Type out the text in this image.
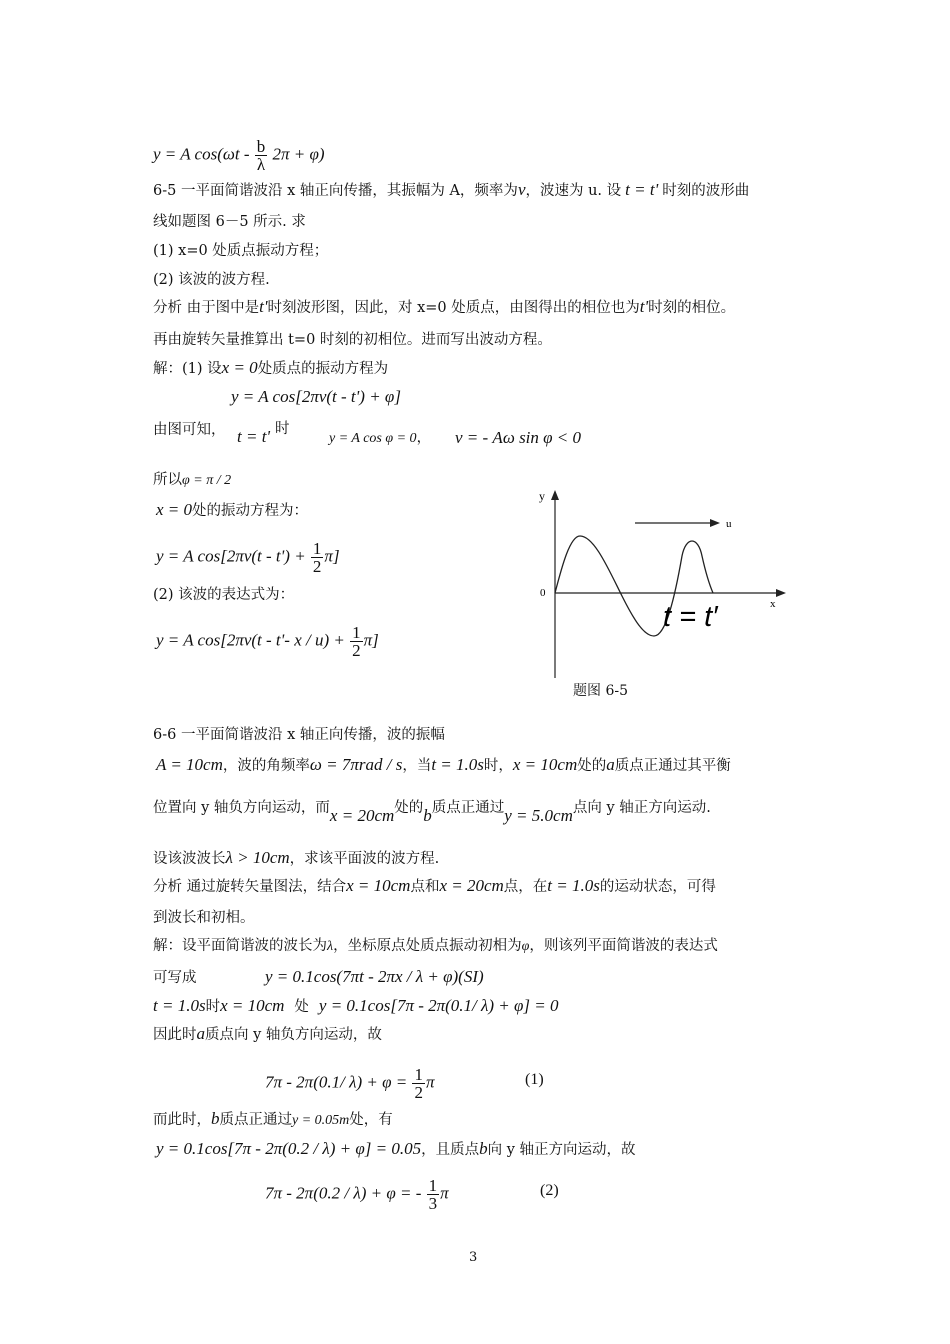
y = A $\cos(\omega t - \frac{b}{\lambda} 2\pi + \varphi)$
6-5 一平面简谐波沿 x 轴正向传播，其振幅为 A，频率为ν，波速为 u. 设 t = t' 时刻的波形曲
线如题图 6－5 所示. 求
(1) x=0 处质点振动方程；
(2) 该波的波方程.
分析 由于图中是t'时刻波形图，因此，对 x=0 处质点，由图得出的相位也为t'时刻的相位。
再由旋转矢量推算出 t=0 时刻的初相位。进而写出波动方程。
解：(1) 设x = 0处质点的振动方程为
y = A cos[2πν(t - t') + φ]
由图可知， t = t' 时
y = A cos φ = 0， ν = - Aω sin φ < 0
所以φ = π / 2
x = 0处的振动方程为：
y = A $\cos[2\pi\nu(t - t') + \frac{1}{2} \pi]$
(2) 该波的表达式为：
y = A cos[2πν(t - t'- $x / u) + \frac{1}{2} \pi$]
y
x
0
u
t = t′
题图 6-5
6-6 一平面简谐波沿 x 轴正向传播，波的振幅
A = 10cm，波的角频率ω = 7πrad / s，当t = 1.0s时，x = 10cm处的a质点正通过其平衡
位置向 y 轴负方向运动，而x = 20cm处的b质点正通过y = 5.0cm点向 y 轴正方向运动.
设该波波长λ > 10cm，求该平面波的波方程.
分析 通过旋转矢量图法，结合x = 10cm点和x = 20cm点，在t = 1.0s的运动状态，可得
到波长和初相。
解：设平面简谐波的波长为λ，坐标原点处质点振动初相为φ，则该列平面简谐波的表达式
可写成	y = 0.1cos(7πt - 2πx / λ + φ)(SI)
t = 1.0s时x = 10cm 处 y = 0.1cos[7π - 2π(0.1/ λ) + φ] = 0
因此时a质点向 y 轴负方向运动，故
7π - 2π(0.1/ $\lambda) + \varphi = \frac{1}{2}$ π	(1)
而此时，b质点正通过y = 0.05m处，有
y = 0.1cos[7π - 2π(0.2 / λ) + φ] = 0.05，且质点b向 y 轴正方向运动，故
7π - 2π(0.2 / λ) + φ = - $\frac{1}{3}$ π	(2)
3
